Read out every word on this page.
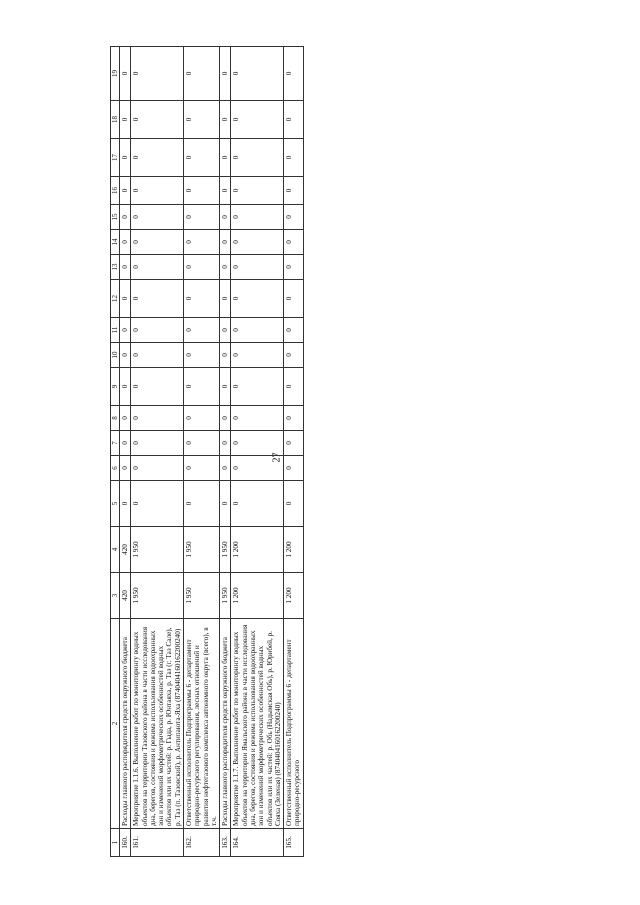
27
1	2	3	4	5	6	7	8	9	10	11	12	13	14	15	16	17	18	19
160.	Расходы главного распорядителя средств окружного бюджета	420	420	0	0	0	0	0	0	0	0	0	0	0	0	0	0	0
161.	Мероприятие 1.1.6. Выполнение работ по мониторингу водных объектов на территории Тазовского района в части исследования дна, берегов, состояния и режима использования водоохранных зон и изменений морфометрических особенностей водных объектов или их частей: р. Гыда, р. Юнтаяха, р. Таз (г. Таз Сале), р. Таз (п. Тазовский), р. Антипаюта-Яха (8740404160162200240)	1 950	1 950	0	0	0	0	0	0	0	0	0	0	0	0	0	0	0
162.	Ответственный исполнитель Подпрограммы 6 - департамент природно-ресурсного регулирования, лесных отношений и развития нефтегазового комплекса автономного округа (всего), в т.ч.	1 950	1 950	0	0	0	0	0	0	0	0	0	0	0	0	0	0	0
163.	Расходы главного распорядителя средств окружного бюджета	1 950	1 950	0	0	0	0	0	0	0	0	0	0	0	0	0	0	0
164.	Мероприятие 1.1.7. Выполнение работ по мониторингу водных объектов на территории Ямальского района в части исследования дна, берегов, состояния и режима использования водоохранных зон и изменений морфометрических особенностей водных объектов или их частей: р. Обь (Надымская Обь), р. Юрибей, р. Сояха (Зеленая) (8740404160162200240)	1 200	1 200	0	0	0	0	0	0	0	0	0	0	0	0	0	0	0
165.	Ответственный исполнитель Подпрограммы 6 - департамент природно-ресурсного	1 200	1 200	0	0	0	0	0	0	0	0	0	0	0	0	0	0	0
